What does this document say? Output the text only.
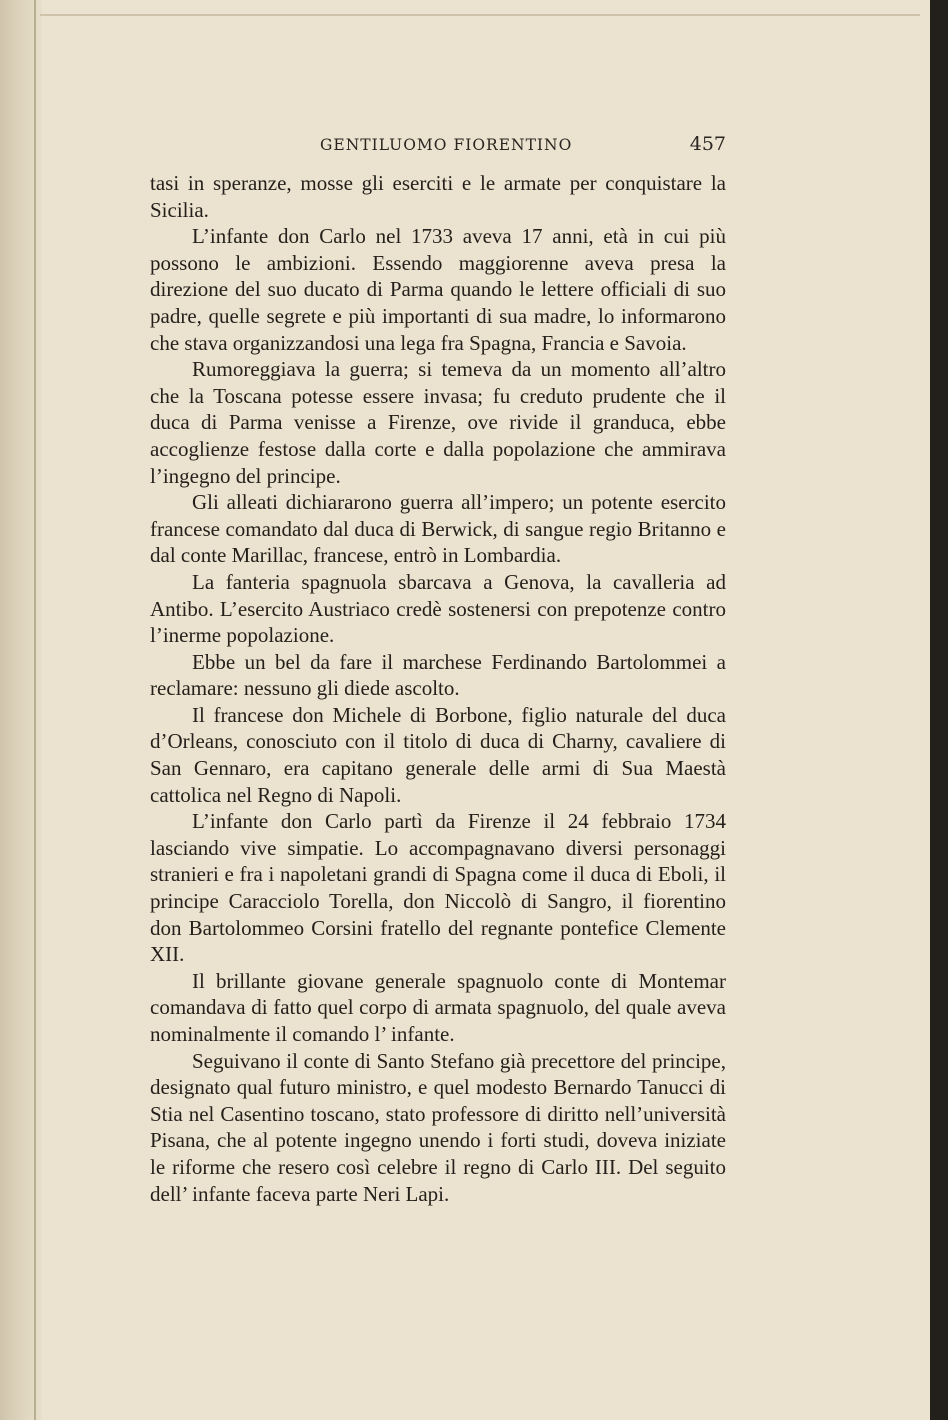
GENTILUOMO FIORENTINO	457

tasi in speranze, mosse gli eserciti e le armate per conquistare la Sicilia.

L’infante don Carlo nel 1733 aveva 17 anni, età in cui più possono le ambizioni. Essendo maggiorenne aveva presa la direzione del suo ducato di Parma quando le lettere officiali di suo padre, quelle segrete e più importanti di sua madre, lo informarono che stava organizzandosi una lega fra Spagna, Francia e Savoia.

Rumoreggiava la guerra; si temeva da un momento all’altro che la Toscana potesse essere invasa; fu creduto prudente che il duca di Parma venisse a Firenze, ove rivide il granduca, ebbe accoglienze festose dalla corte e dalla popolazione che ammirava l’ingegno del principe.

Gli alleati dichiararono guerra all’impero; un potente esercito francese comandato dal duca di Berwick, di sangue regio Britanno e dal conte Marillac, francese, entrò in Lombardia.

La fanteria spagnuola sbarcava a Genova, la cavalleria ad Antibo. L’esercito Austriaco credè sostenersi con prepotenze contro l’inerme popolazione.

Ebbe un bel da fare il marchese Ferdinando Bartolommei a reclamare: nessuno gli diede ascolto.

Il francese don Michele di Borbone, figlio naturale del duca d’Orleans, conosciuto con il titolo di duca di Charny, cavaliere di San Gennaro, era capitano generale delle armi di Sua Maestà cattolica nel Regno di Napoli.

L’infante don Carlo partì da Firenze il 24 febbraio 1734 lasciando vive simpatie. Lo accompagnavano diversi personaggi stranieri e fra i napoletani grandi di Spagna come il duca di Eboli, il principe Caracciolo Torella, don Niccolò di Sangro, il fiorentino don Bartolommeo Corsini fratello del regnante pontefice Clemente XII.

Il brillante giovane generale spagnuolo conte di Montemar comandava di fatto quel corpo di armata spagnuolo, del quale aveva nominalmente il comando l’ infante.

Seguivano il conte di Santo Stefano già precettore del principe, designato qual futuro ministro, e quel modesto Bernardo Tanucci di Stia nel Casentino toscano, stato professore di diritto nell’università Pisana, che al potente ingegno unendo i forti studi, doveva iniziate le riforme che resero così celebre il regno di Carlo III. Del seguito dell’ infante faceva parte Neri Lapi.
